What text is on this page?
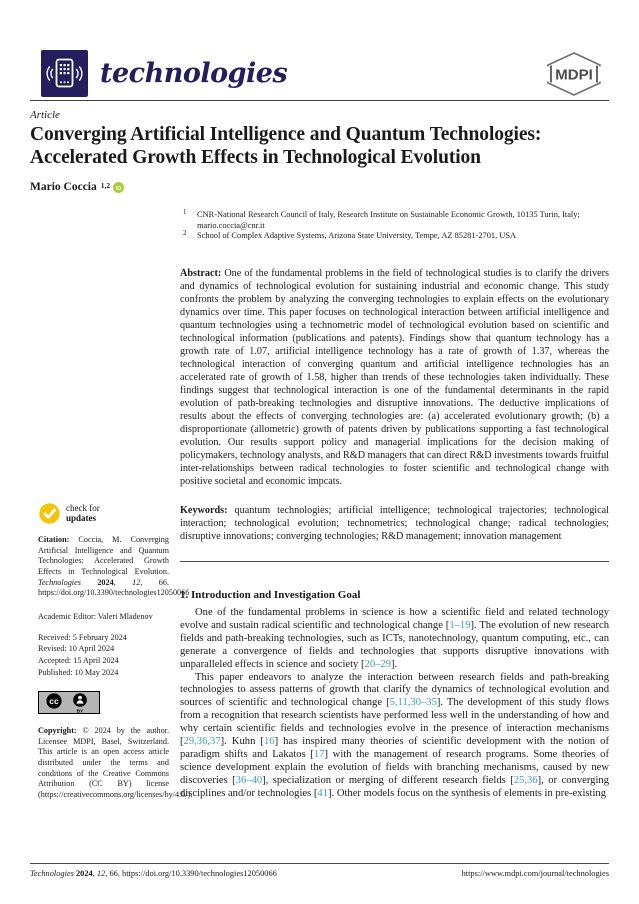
technologies	MDPI
Article
Converging Artificial Intelligence and Quantum Technologies: Accelerated Growth Effects in Technological Evolution
Mario Coccia 1,2 iD
check for
updates
Citation: Coccia, M. Converging Artificial Intelligence and Quantum Technologies: Accelerated Growth Effects in Technological Evolution. Technologies 2024, 12, 66. https://doi.org/10.3390/technologies12050066
Academic Editor: Valeri Mladenov
Received: 5 February 2024
Revised: 10 April 2024
Accepted: 15 April 2024
Published: 10 May 2024
cc
BY
Copyright: © 2024 by the author. Licensee MDPI, Basel, Switzerland. This article is an open access article distributed under the terms and conditions of the Creative Commons Attribution (CC BY) license (https://creativecommons.org/licenses/by/4.0/).
1 CNR-National Research Council of Italy, Research Institute on Sustainable Economic Growth, 10135 Turin, Italy; mario.coccia@cnr.it
2 School of Complex Adaptive Systems, Arizona State University, Tempe, AZ 85281-2701, USA
Abstract: One of the fundamental problems in the field of technological studies is to clarify the drivers and dynamics of technological evolution for sustaining industrial and economic change. This study confronts the problem by analyzing the converging technologies to explain effects on the evolutionary dynamics over time. This paper focuses on technological interaction between artificial intelligence and quantum technologies using a technometric model of technological evolution based on scientific and technological information (publications and patents). Findings show that quantum technology has a growth rate of 1.07, artificial intelligence technology has a rate of growth of 1.37, whereas the technological interaction of converging quantum and artificial intelligence technologies has an accelerated rate of growth of 1.58, higher than trends of these technologies taken individually. These findings suggest that technological interaction is one of the fundamental determinants in the rapid evolution of path-breaking technologies and disruptive innovations. The deductive implications of results about the effects of converging technologies are: (a) accelerated evolutionary growth; (b) a disproportionate (allometric) growth of patents driven by publications supporting a fast technological evolution. Our results support policy and managerial implications for the decision making of policymakers, technology analysts, and R&D managers that can direct R&D investments towards fruitful inter-relationships between radical technologies to foster scientific and technological change with positive societal and economic impcats.
Keywords: quantum technologies; artificial intelligence; technological trajectories; technological interaction; technological evolution; technometrics; technological change; radical technologies; disruptive innovations; converging technologies; R&D management; innovation management
1. Introduction and Investigation Goal

One of the fundamental problems in science is how a scientific field and related technology evolve and sustain radical scientific and technological change [1–19]. The evolution of new research fields and path-breaking technologies, such as ICTs, nanotechnology, quantum computing, etc., can generate a convergence of fields and technologies that supports disruptive innovations with unparalleled effects in science and society [20–29].

This paper endeavors to analyze the interaction between research fields and path-breaking technologies to assess patterns of growth that clarify the dynamics of technological evolution and sources of scientific and technological change [5,11,30–35]. The development of this study flows from a recognition that research scientists have performed less well in the understanding of how and why certain scientific fields and technologies evolve in the presence of interaction mechanisms [29,36,37]. Kuhn [16] has inspired many theories of scientific development with the notion of paradigm shifts and Lakatos [17] with the management of research programs. Some theories of science development explain the evolution of fields with branching mechanisms, caused by new discoveries [36–40], specialization or merging of different research fields [25,36], or converging disciplines and/or technologies [41]. Other models focus on the synthesis of elements in pre-existing

Technologies 2024, 12, 66. https://doi.org/10.3390/technologies12050066	https://www.mdpi.com/journal/technologies
